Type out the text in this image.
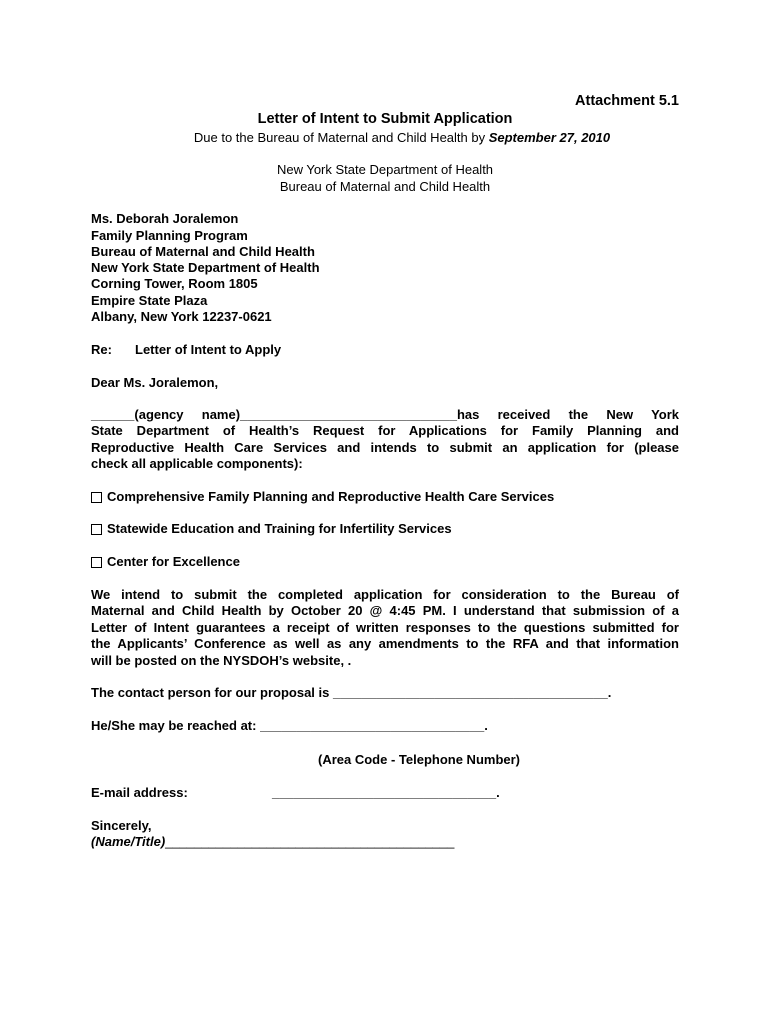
Attachment 5.1
Letter of Intent to Submit Application
Due to the Bureau of Maternal and Child Health by September 27, 2010
New York State Department of Health
Bureau of Maternal and Child Health
Ms. Deborah Joralemon
Family Planning Program
Bureau of Maternal and Child Health
New York State Department of Health
Corning Tower, Room 1805
Empire State Plaza
Albany, New York 12237-0621
Re: Letter of Intent to Apply
Dear Ms. Joralemon,
______(agency name)______________________________has received the New York
State Department of Health’s Request for Applications for Family Planning and
Reproductive Health Care Services and intends to submit an application for (please
check all applicable components):
Comprehensive Family Planning and Reproductive Health Care Services
Statewide Education and Training for Infertility Services
Center for Excellence
We intend to submit the completed application for consideration to the Bureau of
Maternal and Child Health by October 20 @ 4:45 PM. I understand that submission of a
Letter of Intent guarantees a receipt of written responses to the questions submitted for
the Applicants’ Conference as well as any amendments to the RFA and that information
will be posted on the NYSDOH’s website, .
The contact person for our proposal is ______________________________________.
He/She may be reached at: _______________________________.
(Area Code - Telephone Number)
E-mail address:	_______________________________.
Sincerely,
(Name/Title)________________________________________
